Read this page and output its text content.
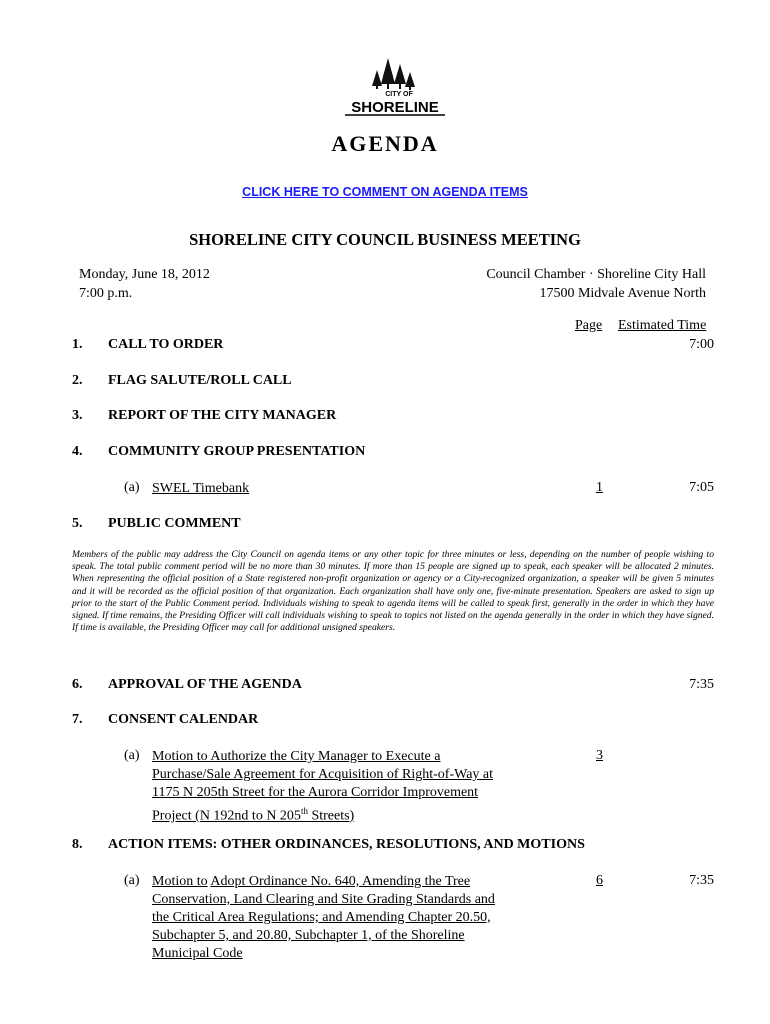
CITY OF
SHORELINE
AGENDA
CLICK HERE TO COMMENT ON AGENDA ITEMS
SHORELINE CITY COUNCIL BUSINESS MEETING
Monday, June 18, 2012
7:00 p.m.
Council Chamber · Shoreline City Hall
17500 Midvale Avenue North
Page Estimated Time
1. CALL TO ORDER	7:00
2. FLAG SALUTE/ROLL CALL
3. REPORT OF THE CITY MANAGER
4. COMMUNITY GROUP PRESENTATION
(a) SWEL Timebank	1	7:05
5. PUBLIC COMMENT
Members of the public may address the City Council on agenda items or any other topic for three minutes or less, depending on the number of people wishing to speak. The total public comment period will be no more than 30 minutes. If more than 15 people are signed up to speak, each speaker will be allocated 2 minutes. When representing the official position of a State registered non-profit organization or agency or a City-recognized organization, a speaker will be given 5 minutes and it will be recorded as the official position of that organization. Each organization shall have only one, five-minute presentation. Speakers are asked to sign up prior to the start of the Public Comment period. Individuals wishing to speak to agenda items will be called to speak first, generally in the order in which they have signed. If time remains, the Presiding Officer will call individuals wishing to speak to topics not listed on the agenda generally in the order in which they have signed. If time is available, the Presiding Officer may call for additional unsigned speakers.
6. APPROVAL OF THE AGENDA	7:35
7. CONSENT CALENDAR
(a) Motion to Authorize the City Manager to Execute a
Purchase/Sale Agreement for Acquisition of Right-of-Way at
1175 N 205th Street for the Aurora Corridor Improvement
Project (N 192nd to N 205th Streets)
3
8. ACTION ITEMS: OTHER ORDINANCES, RESOLUTIONS, AND MOTIONS
(a) Motion to Adopt Ordinance No. 640, Amending the Tree
Conservation, Land Clearing and Site Grading Standards and
the Critical Area Regulations; and Amending Chapter 20.50,
Subchapter 5, and 20.80, Subchapter 1, of the Shoreline
Municipal Code
6	7:35
